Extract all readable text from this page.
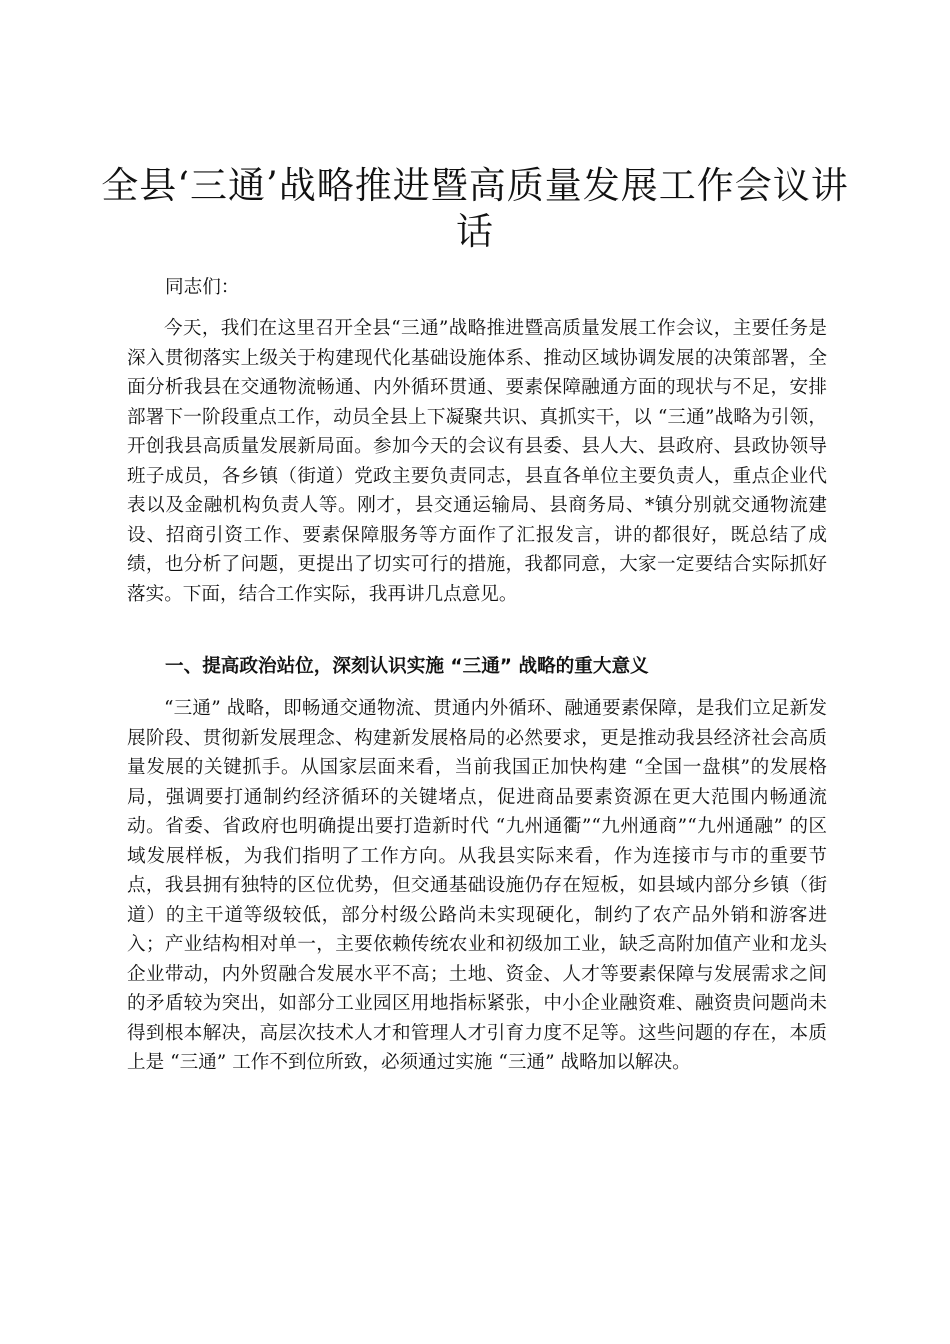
全县‘三通’战略推进暨高质量发展工作会议讲话

同志们：

今天，我们在这里召开全县“三通”战略推进暨高质量发展工作会议，主要任务是深入贯彻落实上级关于构建现代化基础设施体系、推动区域协调发展的决策部署，全面分析我县在交通物流畅通、内外循环贯通、要素保障融通方面的现状与不足，安排部署下一阶段重点工作，动员全县上下凝聚共识、真抓实干，以 “三通”战略为引领，开创我县高质量发展新局面。参加今天的会议有县委、县人大、县政府、县政协领导班子成员，各乡镇（街道）党政主要负责同志，县直各单位主要负责人，重点企业代表以及金融机构负责人等。刚才，县交通运输局、县商务局、*镇分别就交通物流建设、招商引资工作、要素保障服务等方面作了汇报发言，讲的都很好，既总结了成绩，也分析了问题，更提出了切实可行的措施，我都同意，大家一定要结合实际抓好落实。下面，结合工作实际，我再讲几点意见。

一、提高政治站位，深刻认识实施 “三通” 战略的重大意义

“三通” 战略，即畅通交通物流、贯通内外循环、融通要素保障，是我们立足新发展阶段、贯彻新发展理念、构建新发展格局的必然要求，更是推动我县经济社会高质量发展的关键抓手。从国家层面来看，当前我国正加快构建 “全国一盘棋”的发展格局，强调要打通制约经济循环的关键堵点，促进商品要素资源在更大范围内畅通流动。省委、省政府也明确提出要打造新时代 “九州通衢”“九州通商”“九州通融” 的区域发展样板，为我们指明了工作方向。从我县实际来看，作为连接市与市的重要节点，我县拥有独特的区位优势，但交通基础设施仍存在短板，如县域内部分乡镇（街道）的主干道等级较低，部分村级公路尚未实现硬化，制约了农产品外销和游客进入；产业结构相对单一，主要依赖传统农业和初级加工业，缺乏高附加值产业和龙头企业带动，内外贸融合发展水平不高；土地、资金、人才等要素保障与发展需求之间的矛盾较为突出，如部分工业园区用地指标紧张，中小企业融资难、融资贵问题尚未得到根本解决，高层次技术人才和管理人才引育力度不足等。这些问题的存在，本质上是 “三通” 工作不到位所致，必须通过实施 “三通” 战略加以解决。
